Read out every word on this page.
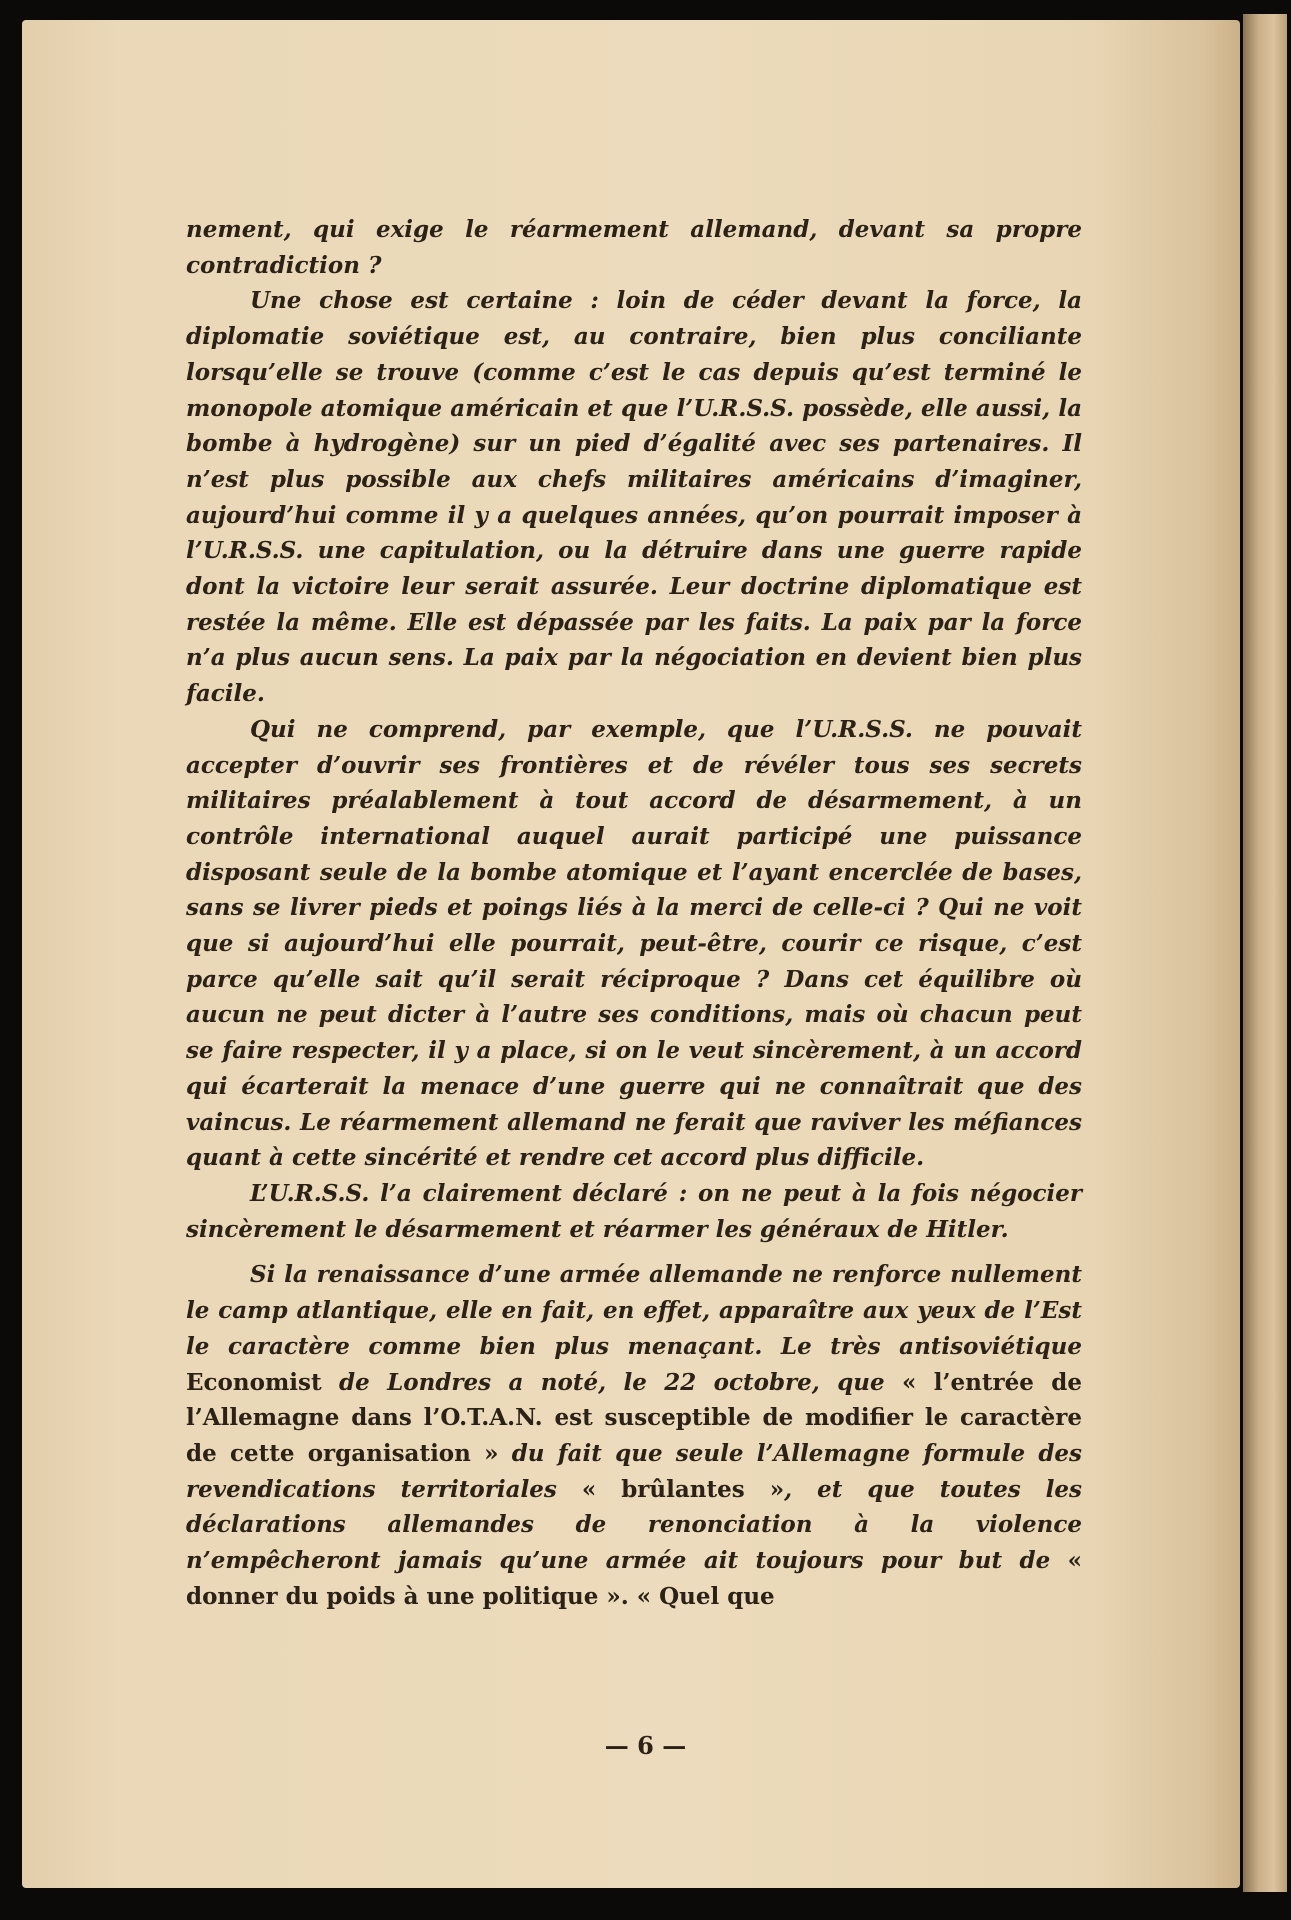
nement, qui exige le réarmement allemand, devant sa propre contradiction ?

Une chose est certaine : loin de céder devant la force, la diplomatie soviétique est, au contraire, bien plus conciliante lorsqu’elle se trouve (comme c’est le cas depuis qu’est terminé le monopole atomique américain et que l’U.R.S.S. possède, elle aussi, la bombe à hydrogène) sur un pied d’égalité avec ses partenaires. Il n’est plus possible aux chefs militaires américains d’imaginer, aujourd’hui comme il y a quelques années, qu’on pourrait imposer à l’U.R.S.S. une capitulation, ou la détruire dans une guerre rapide dont la victoire leur serait assurée. Leur doctrine diplomatique est restée la même. Elle est dépassée par les faits. La paix par la force n’a plus aucun sens. La paix par la négociation en devient bien plus facile.

Qui ne comprend, par exemple, que l’U.R.S.S. ne pouvait accepter d’ouvrir ses frontières et de révéler tous ses secrets militaires préalablement à tout accord de désarmement, à un contrôle international auquel aurait participé une puissance disposant seule de la bombe atomique et l’ayant encerclée de bases, sans se livrer pieds et poings liés à la merci de celle-ci ? Qui ne voit que si aujourd’hui elle pourrait, peut-être, courir ce risque, c’est parce qu’elle sait qu’il serait réciproque ? Dans cet équilibre où aucun ne peut dicter à l’autre ses conditions, mais où chacun peut se faire respecter, il y a place, si on le veut sincèrement, à un accord qui écarterait la menace d’une guerre qui ne connaîtrait que des vaincus. Le réarmement allemand ne ferait que raviver les méfiances quant à cette sincérité et rendre cet accord plus difficile.

L’U.R.S.S. l’a clairement déclaré : on ne peut à la fois négocier sincèrement le désarmement et réarmer les généraux de Hitler.

Si la renaissance d’une armée allemande ne renforce nullement le camp atlantique, elle en fait, en effet, apparaître aux yeux de l’Est le caractère comme bien plus menaçant. Le très antisoviétique Economist de Londres a noté, le 22 octobre, que « l’entrée de l’Allemagne dans l’O.T.A.N. est susceptible de modifier le caractère de cette organisation » du fait que seule l’Allemagne formule des revendications territoriales « brûlantes », et que toutes les déclarations allemandes de renonciation à la violence n’empêcheront jamais qu’une armée ait toujours pour but de « donner du poids à une politique ». « Quel que

— 6 —
